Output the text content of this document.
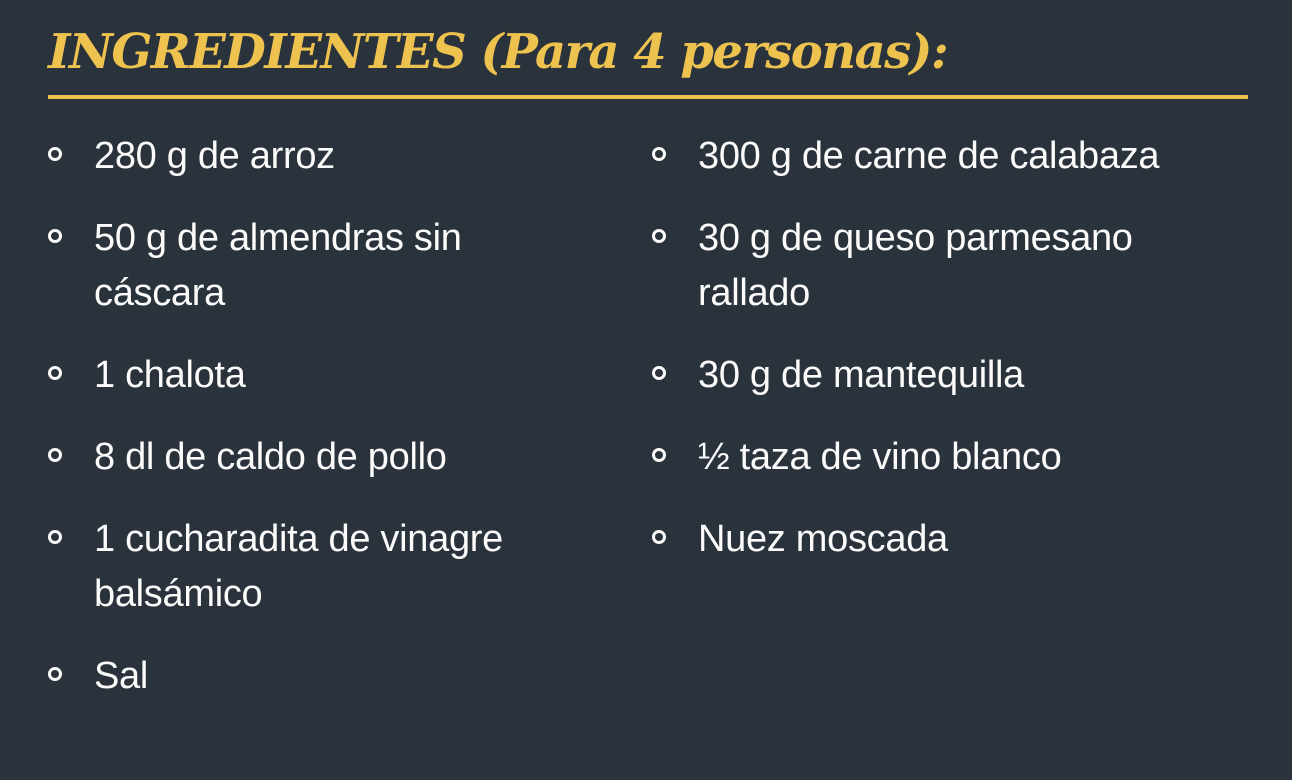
INGREDIENTES (Para 4 personas):
280 g de arroz
50 g de almendras sin cáscara
1 chalota
8 dl de caldo de pollo
1 cucharadita de vinagre balsámico
Sal
300 g de carne de calabaza
30 g de queso parmesano rallado
30 g de mantequilla
½ taza de vino blanco
Nuez moscada
